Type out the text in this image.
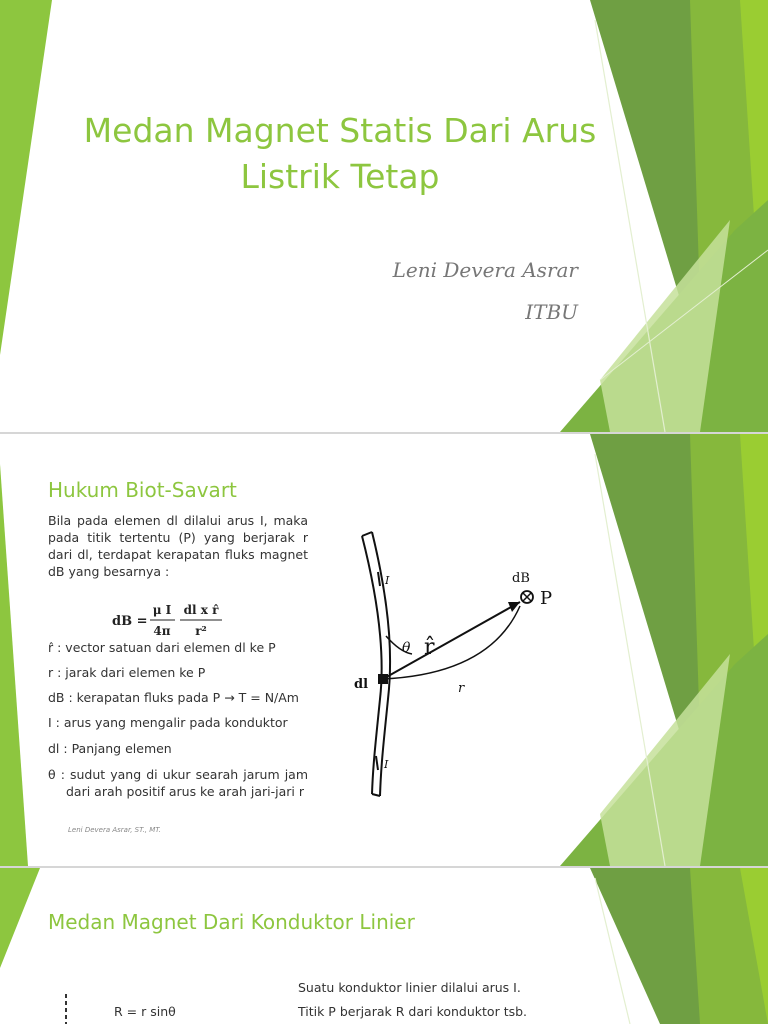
Medan Magnet Statis Dari Arus Listrik Tetap
Leni Devera Asrar
ITBU
Hukum Biot-Savart
Bila pada elemen dl dilalui arus I, maka pada titik tertentu (P) yang berjarak r dari dl, terdapat kerapatan fluks magnet dB yang besarnya :
dB =
μ I
4π
dl x r̂
r²
r̂ : vector satuan dari elemen dl ke P
r : jarak dari elemen ke P
dB : kerapatan fluks pada P → T = N/Am
I : arus yang mengalir pada konduktor
dl : Panjang elemen
θ : sudut yang di ukur searah jarum jam dari arah positif arus ke arah jari-jari r
Leni Devera Asrar, ST., MT.
dB
P
θ r̂
r
dl
I
I
Medan Magnet Dari Konduktor Linier
R = r sinθ
Suatu konduktor linier dilalui arus I.
Titik P berjarak R dari konduktor tsb.
